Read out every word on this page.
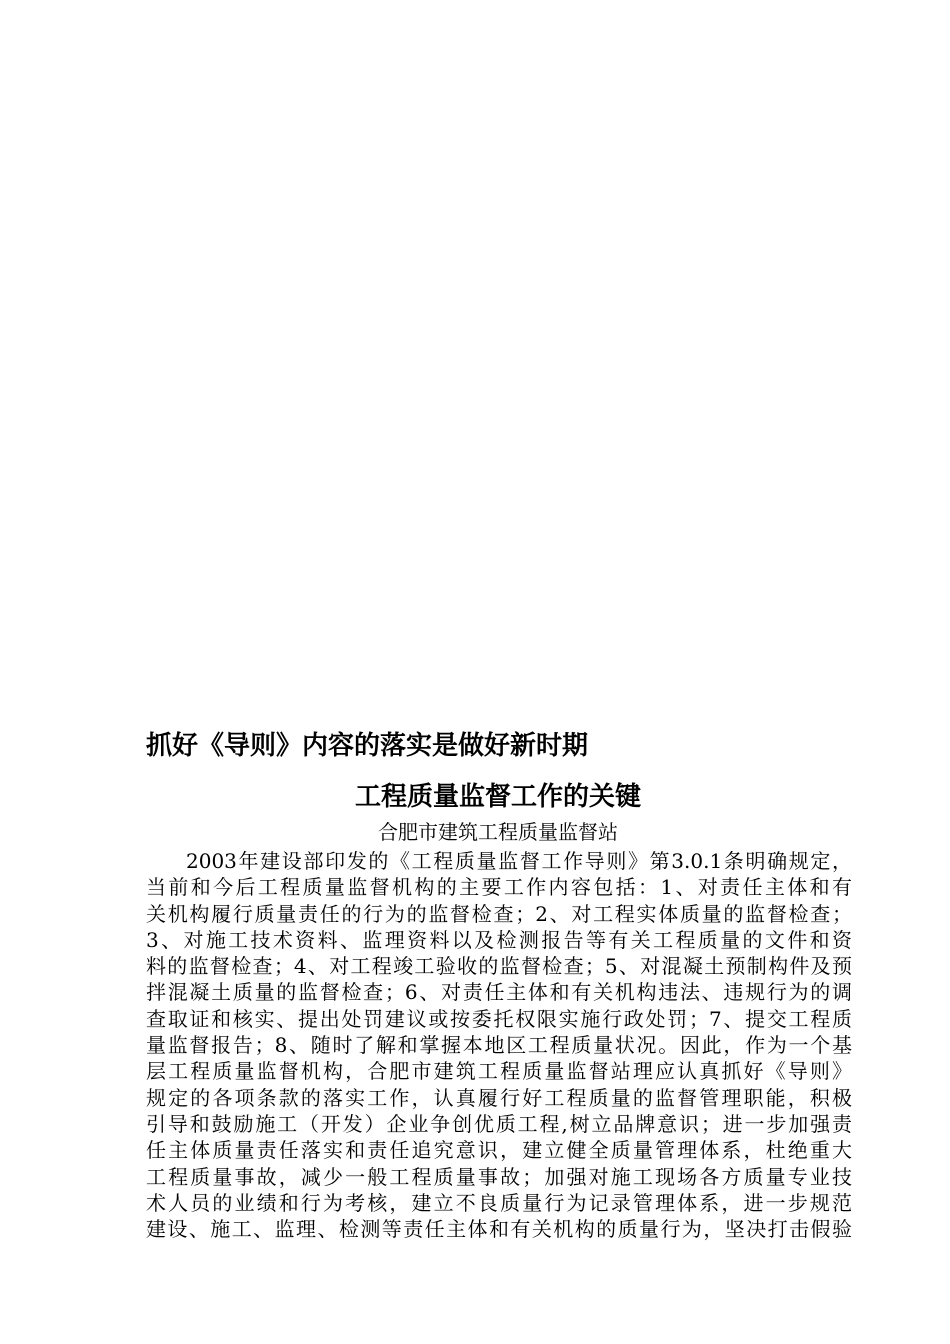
抓好《导则》内容的落实是做好新时期
工程质量监督工作的关键
合肥市建筑工程质量监督站
2003年建设部印发的《工程质量监督工作导则》第3.0.1条明确规定，
当前和今后工程质量监督机构的主要工作内容包括：1、对责任主体和有
关机构履行质量责任的行为的监督检查；2、对工程实体质量的监督检查；
3、对施工技术资料、监理资料以及检测报告等有关工程质量的文件和资
料的监督检查；4、对工程竣工验收的监督检查；5、对混凝土预制构件及预
拌混凝土质量的监督检查；6、对责任主体和有关机构违法、违规行为的调
查取证和核实、提出处罚建议或按委托权限实施行政处罚；7、提交工程质
量监督报告；8、随时了解和掌握本地区工程质量状况。因此，作为一个基
层工程质量监督机构，合肥市建筑工程质量监督站理应认真抓好《导则》
规定的各项条款的落实工作，认真履行好工程质量的监督管理职能，积极
引导和鼓励施工（开发）企业争创优质工程,树立品牌意识；进一步加强责
任主体质量责任落实和责任追究意识，建立健全质量管理体系，杜绝重大
工程质量事故，减少一般工程质量事故；加强对施工现场各方质量专业技
术人员的业绩和行为考核，建立不良质量行为记录管理体系，进一步规范
建设、施工、监理、检测等责任主体和有关机构的质量行为，坚决打击假验
